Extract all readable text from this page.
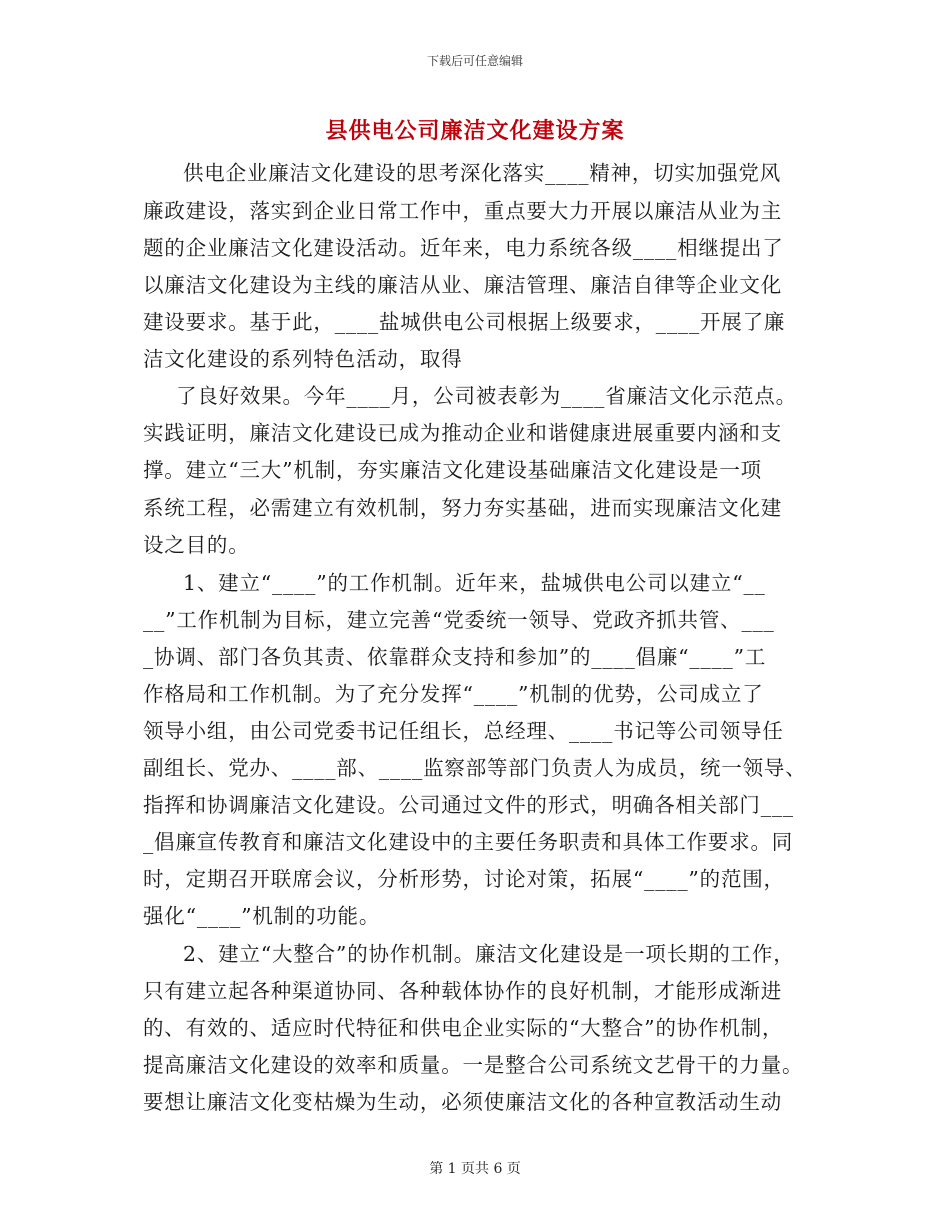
下载后可任意编辑
县供电公司廉洁文化建设方案
供电企业廉洁文化建设的思考深化落实____精神，切实加强党风
廉政建设，落实到企业日常工作中，重点要大力开展以廉洁从业为主
题的企业廉洁文化建设活动。近年来，电力系统各级____相继提出了
以廉洁文化建设为主线的廉洁从业、廉洁管理、廉洁自律等企业文化
建设要求。基于此，____盐城供电公司根据上级要求，____开展了廉
洁文化建设的系列特色活动，取得
了良好效果。今年____月，公司被表彰为____省廉洁文化示范点。
实践证明，廉洁文化建设已成为推动企业和谐健康进展重要内涵和支
撑。建立“三大”机制，夯实廉洁文化建设基础廉洁文化建设是一项
系统工程，必需建立有效机制，努力夯实基础，进而实现廉洁文化建
设之目的。
1、建立“____”的工作机制。近年来，盐城供电公司以建立“__
__”工作机制为目标，建立完善“党委统一领导、党政齐抓共管、___
_协调、部门各负其责、依靠群众支持和参加”的____倡廉“____”工
作格局和工作机制。为了充分发挥“____”机制的优势，公司成立了
领导小组，由公司党委书记任组长，总经理、____书记等公司领导任
副组长、党办、____部、____监察部等部门负责人为成员，统一领导、
指挥和协调廉洁文化建设。公司通过文件的形式，明确各相关部门___
_倡廉宣传教育和廉洁文化建设中的主要任务职责和具体工作要求。同
时，定期召开联席会议，分析形势，讨论对策，拓展“____”的范围，
强化“____”机制的功能。
2、建立“大整合”的协作机制。廉洁文化建设是一项长期的工作，
只有建立起各种渠道协同、各种载体协作的良好机制，才能形成渐进
的、有效的、适应时代特征和供电企业实际的“大整合”的协作机制，
提高廉洁文化建设的效率和质量。一是整合公司系统文艺骨干的力量。
要想让廉洁文化变枯燥为生动，必须使廉洁文化的各种宣教活动生动
第 1 页共 6 页
